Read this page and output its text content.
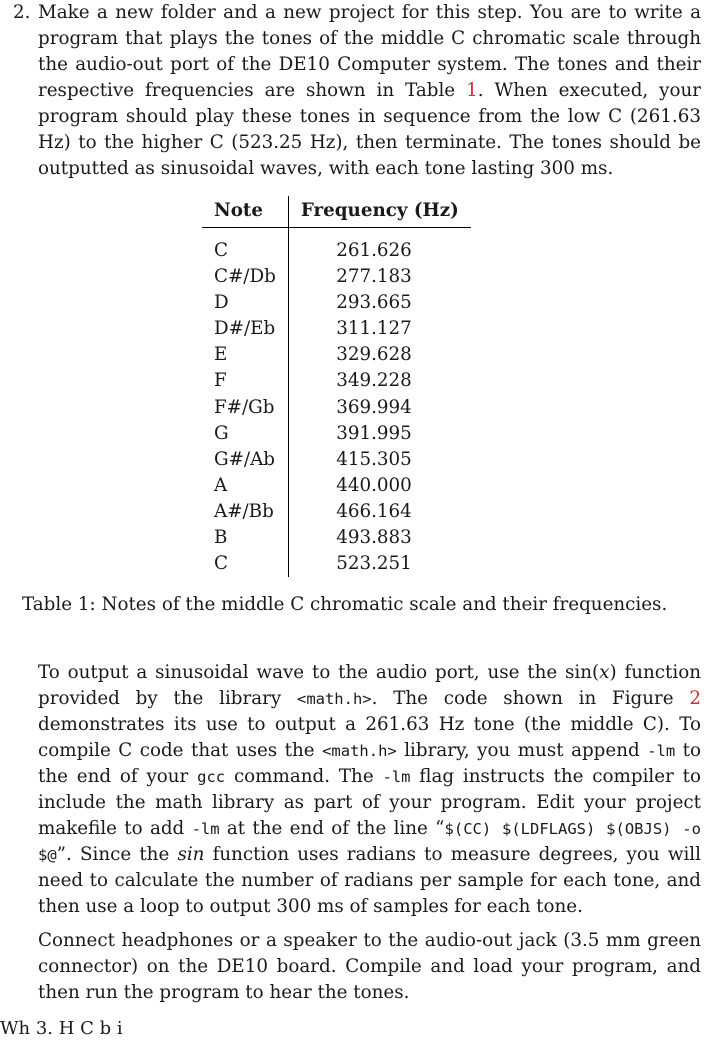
2. Make a new folder and a new project for this step. You are to write a program that plays the tones of the middle C chromatic scale through the audio-out port of the DE10 Computer system. The tones and their respective frequencies are shown in Table 1. When executed, your program should play these tones in sequence from the low C (261.63 Hz) to the higher C (523.25 Hz), then terminate. The tones should be outputted as sinusoidal waves, with each tone lasting 300 ms.

Note	Frequency (Hz)
C	261.626
C#/Db	277.183
D	293.665
D#/Eb	311.127
E	329.628
F	349.228
F#/Gb	369.994
G	391.995
G#/Ab	415.305
A	440.000
A#/Bb	466.164
B	493.883
C	523.251

Table 1: Notes of the middle C chromatic scale and their frequencies.

To output a sinusoidal wave to the audio port, use the sin(x) function provided by the library <math.h>. The code shown in Figure 2 demonstrates its use to output a 261.63 Hz tone (the middle C). To compile C code that uses the <math.h> library, you must append -lm to the end of your gcc command. The -lm flag instructs the compiler to include the math library as part of your program. Edit your project makefile to add -lm at the end of the line “$(CC) $(LDFLAGS) $(OBJS) -o $@”. Since the sin function uses radians to measure degrees, you will need to calculate the number of radians per sample for each tone, and then use a loop to output 300 ms of samples for each tone.

Connect headphones or a speaker to the audio-out jack (3.5 mm green connector) on the DE10 board. Compile and load your program, and then run the program to hear the tones.

Wh 3. H C b i
